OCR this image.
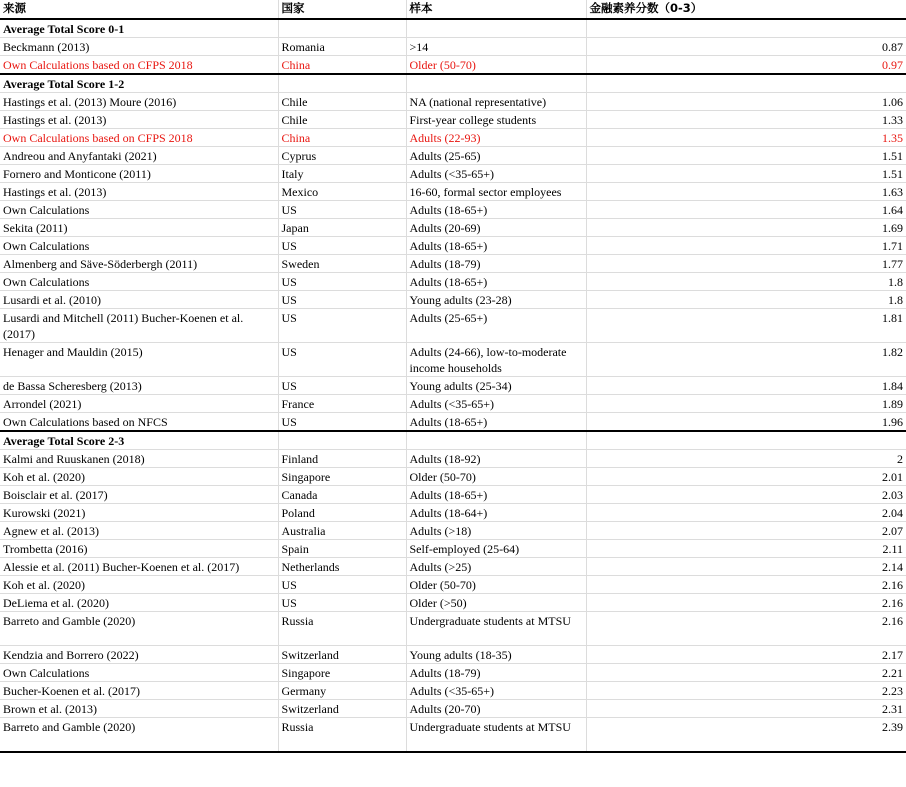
来源	国家	样本	金融素养分数（0-3）
Average Total Score 0-1			
Beckmann (2013)	Romania	>14	0.87
Own Calculations based on CFPS 2018	China	Older (50-70)	0.97
Average Total Score 1-2			
Hastings et al. (2013) Moure (2016)	Chile	NA (national representative)	1.06
Hastings et al. (2013)	Chile	First-year college students	1.33
Own Calculations based on CFPS 2018	China	Adults (22-93)	1.35
Andreou and Anyfantaki (2021)	Cyprus	Adults (25-65)	1.51
Fornero and Monticone (2011)	Italy	Adults (<35-65+)	1.51
Hastings et al. (2013)	Mexico	16-60, formal sector employees	1.63
Own Calculations	US	Adults (18-65+)	1.64
Sekita (2011)	Japan	Adults (20-69)	1.69
Own Calculations	US	Adults (18-65+)	1.71
Almenberg and Säve-Söderbergh (2011)	Sweden	Adults (18-79)	1.77
Own Calculations	US	Adults (18-65+)	1.8
Lusardi et al. (2010)	US	Young adults (23-28)	1.8
Lusardi and Mitchell (2011) Bucher-Koenen et al. (2017)	US	Adults (25-65+)	1.81
Henager and Mauldin (2015)	US	Adults (24-66), low-to-moderate income households	1.82
de Bassa Scheresberg (2013)	US	Young adults (25-34)	1.84
Arrondel (2021)	France	Adults (<35-65+)	1.89
Own Calculations based on NFCS	US	Adults (18-65+)	1.96
Average Total Score 2-3			
Kalmi and Ruuskanen (2018)	Finland	Adults (18-92)	2
Koh et al. (2020)	Singapore	Older (50-70)	2.01
Boisclair et al. (2017)	Canada	Adults (18-65+)	2.03
Kurowski (2021)	Poland	Adults (18-64+)	2.04
Agnew et al. (2013)	Australia	Adults (>18)	2.07
Trombetta (2016)	Spain	Self-employed (25-64)	2.11
Alessie et al. (2011) Bucher-Koenen et al. (2017)	Netherlands	Adults (>25)	2.14
Koh et al. (2020)	US	Older (50-70)	2.16
DeLiema et al. (2020)	US	Older (>50)	2.16
Barreto and Gamble (2020)	Russia	Undergraduate students at MTSU	2.16
Kendzia and Borrero (2022)	Switzerland	Young adults (18-35)	2.17
Own Calculations	Singapore	Adults (18-79)	2.21
Bucher-Koenen et al. (2017)	Germany	Adults (<35-65+)	2.23
Brown et al. (2013)	Switzerland	Adults (20-70)	2.31
Barreto and Gamble (2020)	Russia	Undergraduate students at MTSU	2.39
